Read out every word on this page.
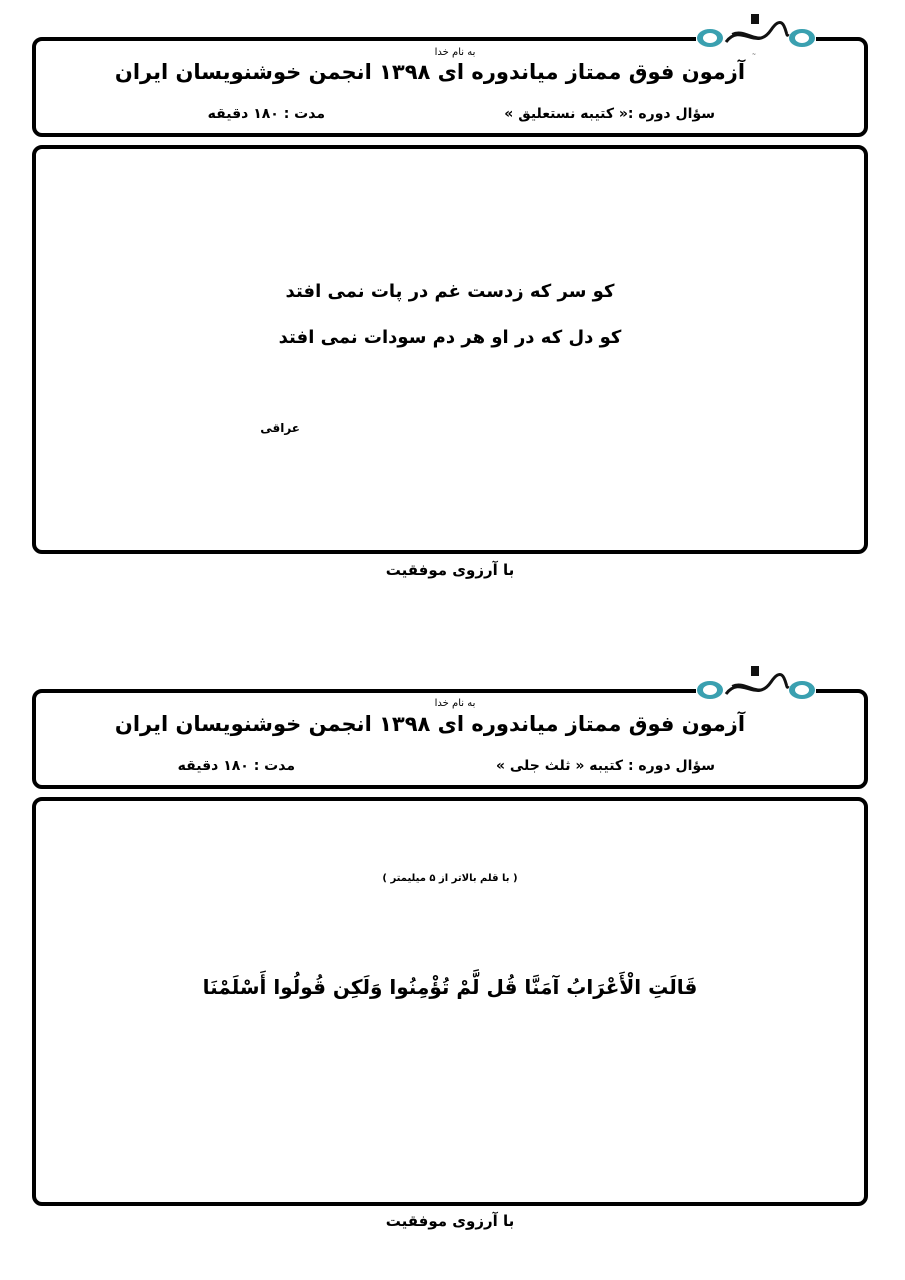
~
به نام خدا
آزمون فوق ممتاز میاندوره ای ۱۳۹۸ انجمن خوشنویسان ایران
سؤال دوره :« کتیبه نستعلیق »
مدت : ۱۸۰ دقیقه
کو سر که زدست غم در پات نمی افتد
کو دل که در او هر دم سودات نمی افتد
عراقی
با آرزوی موفقیت
به نام خدا
آزمون فوق ممتاز میاندوره ای ۱۳۹۸ انجمن خوشنویسان ایران
سؤال دوره : کتیبه « ثلث جلی »
مدت : ۱۸۰ دقیقه
( با قلم بالاتر از ۵ میلیمتر )
قَالَتِ الْأَعْرَابُ آمَنَّا قُل لَّمْ تُؤْمِنُوا وَلَكِن قُولُوا أَسْلَمْنَا
با آرزوی موفقیت
